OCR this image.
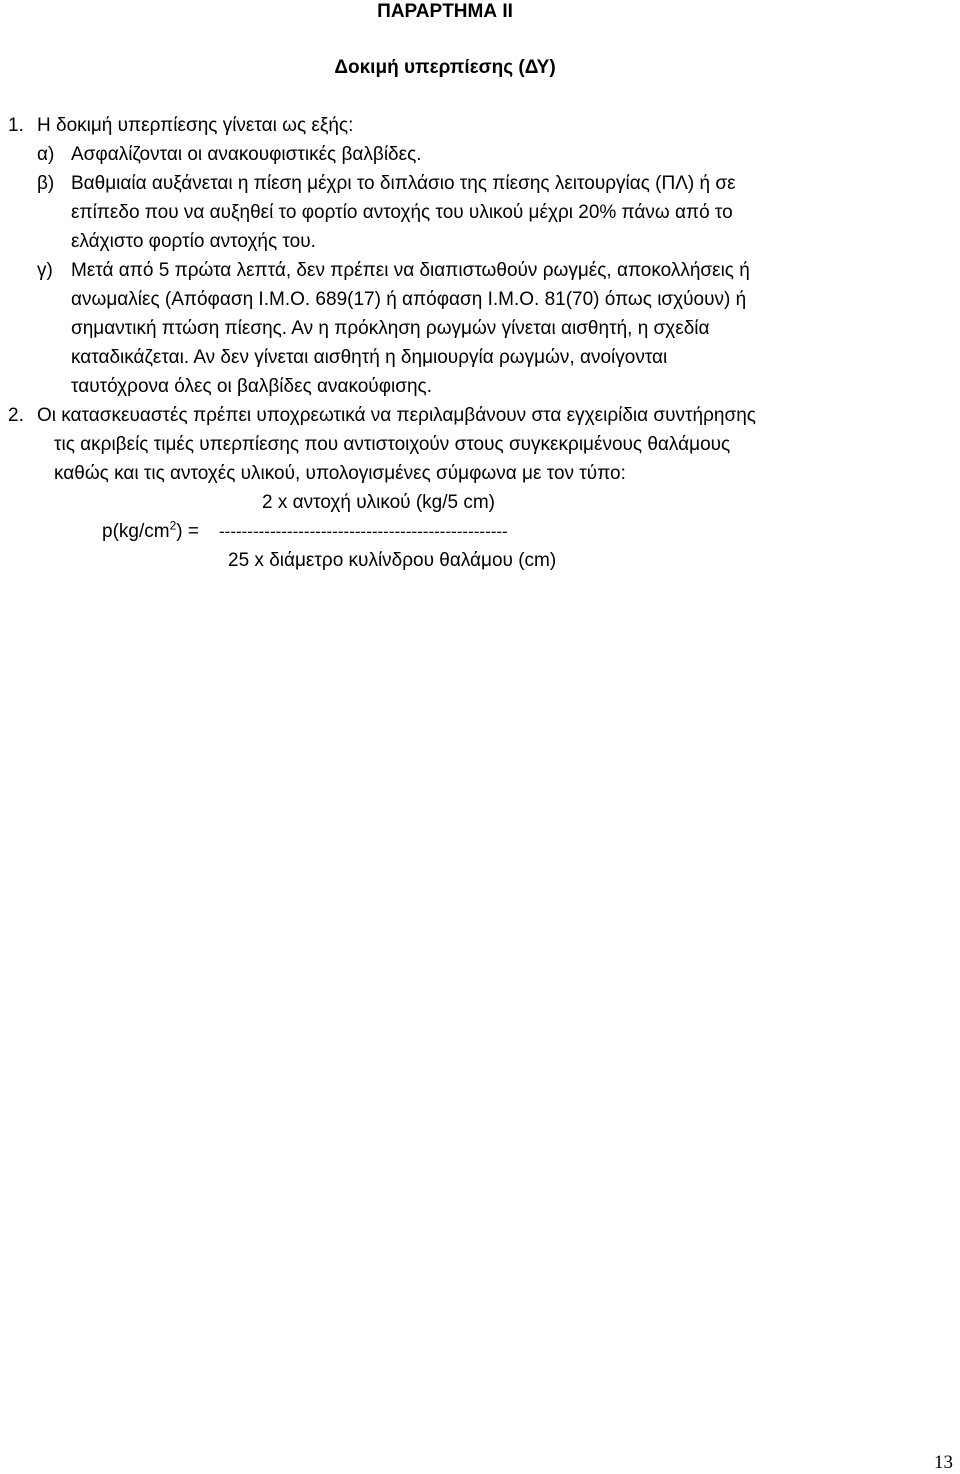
ΠΑΡΑΡΤΗΜΑ ΙΙ
Δοκιμή υπερπίεσης (ΔΥ)
1. Η δοκιμή υπερπίεσης γίνεται ως εξής:
α) Ασφαλίζονται οι ανακουφιστικές βαλβίδες.
β) Βαθμιαία αυξάνεται η πίεση μέχρι το διπλάσιο της πίεσης λειτουργίας (ΠΛ) ή σε
επίπεδο που να αυξηθεί το φορτίο αντοχής του υλικού μέχρι 20% πάνω από το
ελάχιστο φορτίο αντοχής του.
γ) Μετά από 5 πρώτα λεπτά, δεν πρέπει να διαπιστωθούν ρωγμές, αποκολλήσεις ή
ανωμαλίες (Απόφαση Ι.Μ.Ο. 689(17) ή απόφαση Ι.Μ.Ο. 81(70) όπως ισχύουν) ή
σημαντική πτώση πίεσης. Αν η πρόκληση ρωγμών γίνεται αισθητή, η σχεδία
καταδικάζεται. Αν δεν γίνεται αισθητή η δημιουργία ρωγμών, ανοίγονται
ταυτόχρονα όλες οι βαλβίδες ανακούφισης.
2. Οι κατασκευαστές πρέπει υποχρεωτικά να περιλαμβάνουν στα εγχειρίδια συντήρησης
τις ακριβείς τιμές υπερπίεσης που αντιστοιχούν στους συγκεκριμένους θαλάμους
καθώς και τις αντοχές υλικού, υπολογισμένες σύμφωνα με τον τύπο:
2 x αντοχή υλικού (kg/5 cm)
$p(kg/cm^2)$ = ---------------------------------------------------
25 x διάμετρο κυλίνδρου θαλάμου (cm)
13
